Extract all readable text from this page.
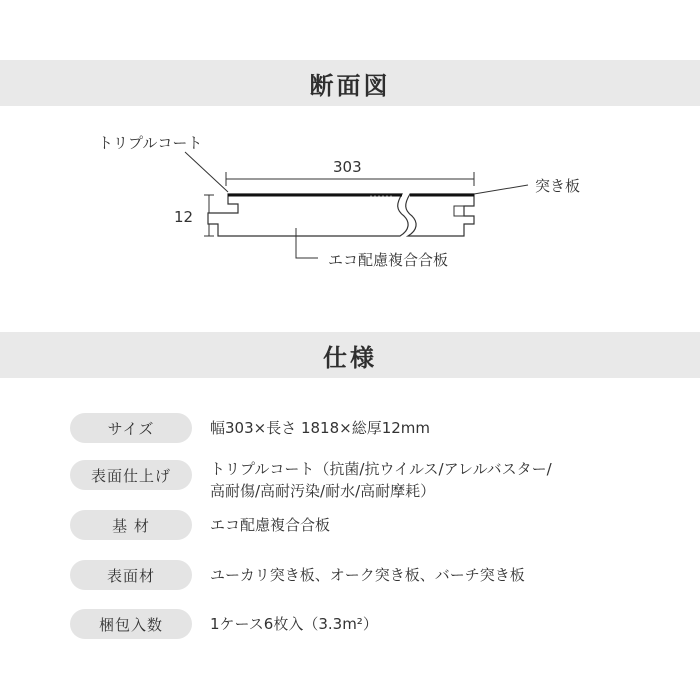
断面図
トリプルコート
303
12
突き板
エコ配慮複合合板
仕様
サイズ	幅303×長さ 1818×総厚12mm
表面仕上げ	トリプルコート（抗菌/抗ウイルス/アレルバスター/
高耐傷/高耐汚染/耐水/高耐摩耗）
基 材	エコ配慮複合合板
表面材	ユーカリ突き板、オーク突き板、バーチ突き板
梱包入数	1ケース6枚入（3.3m²）
